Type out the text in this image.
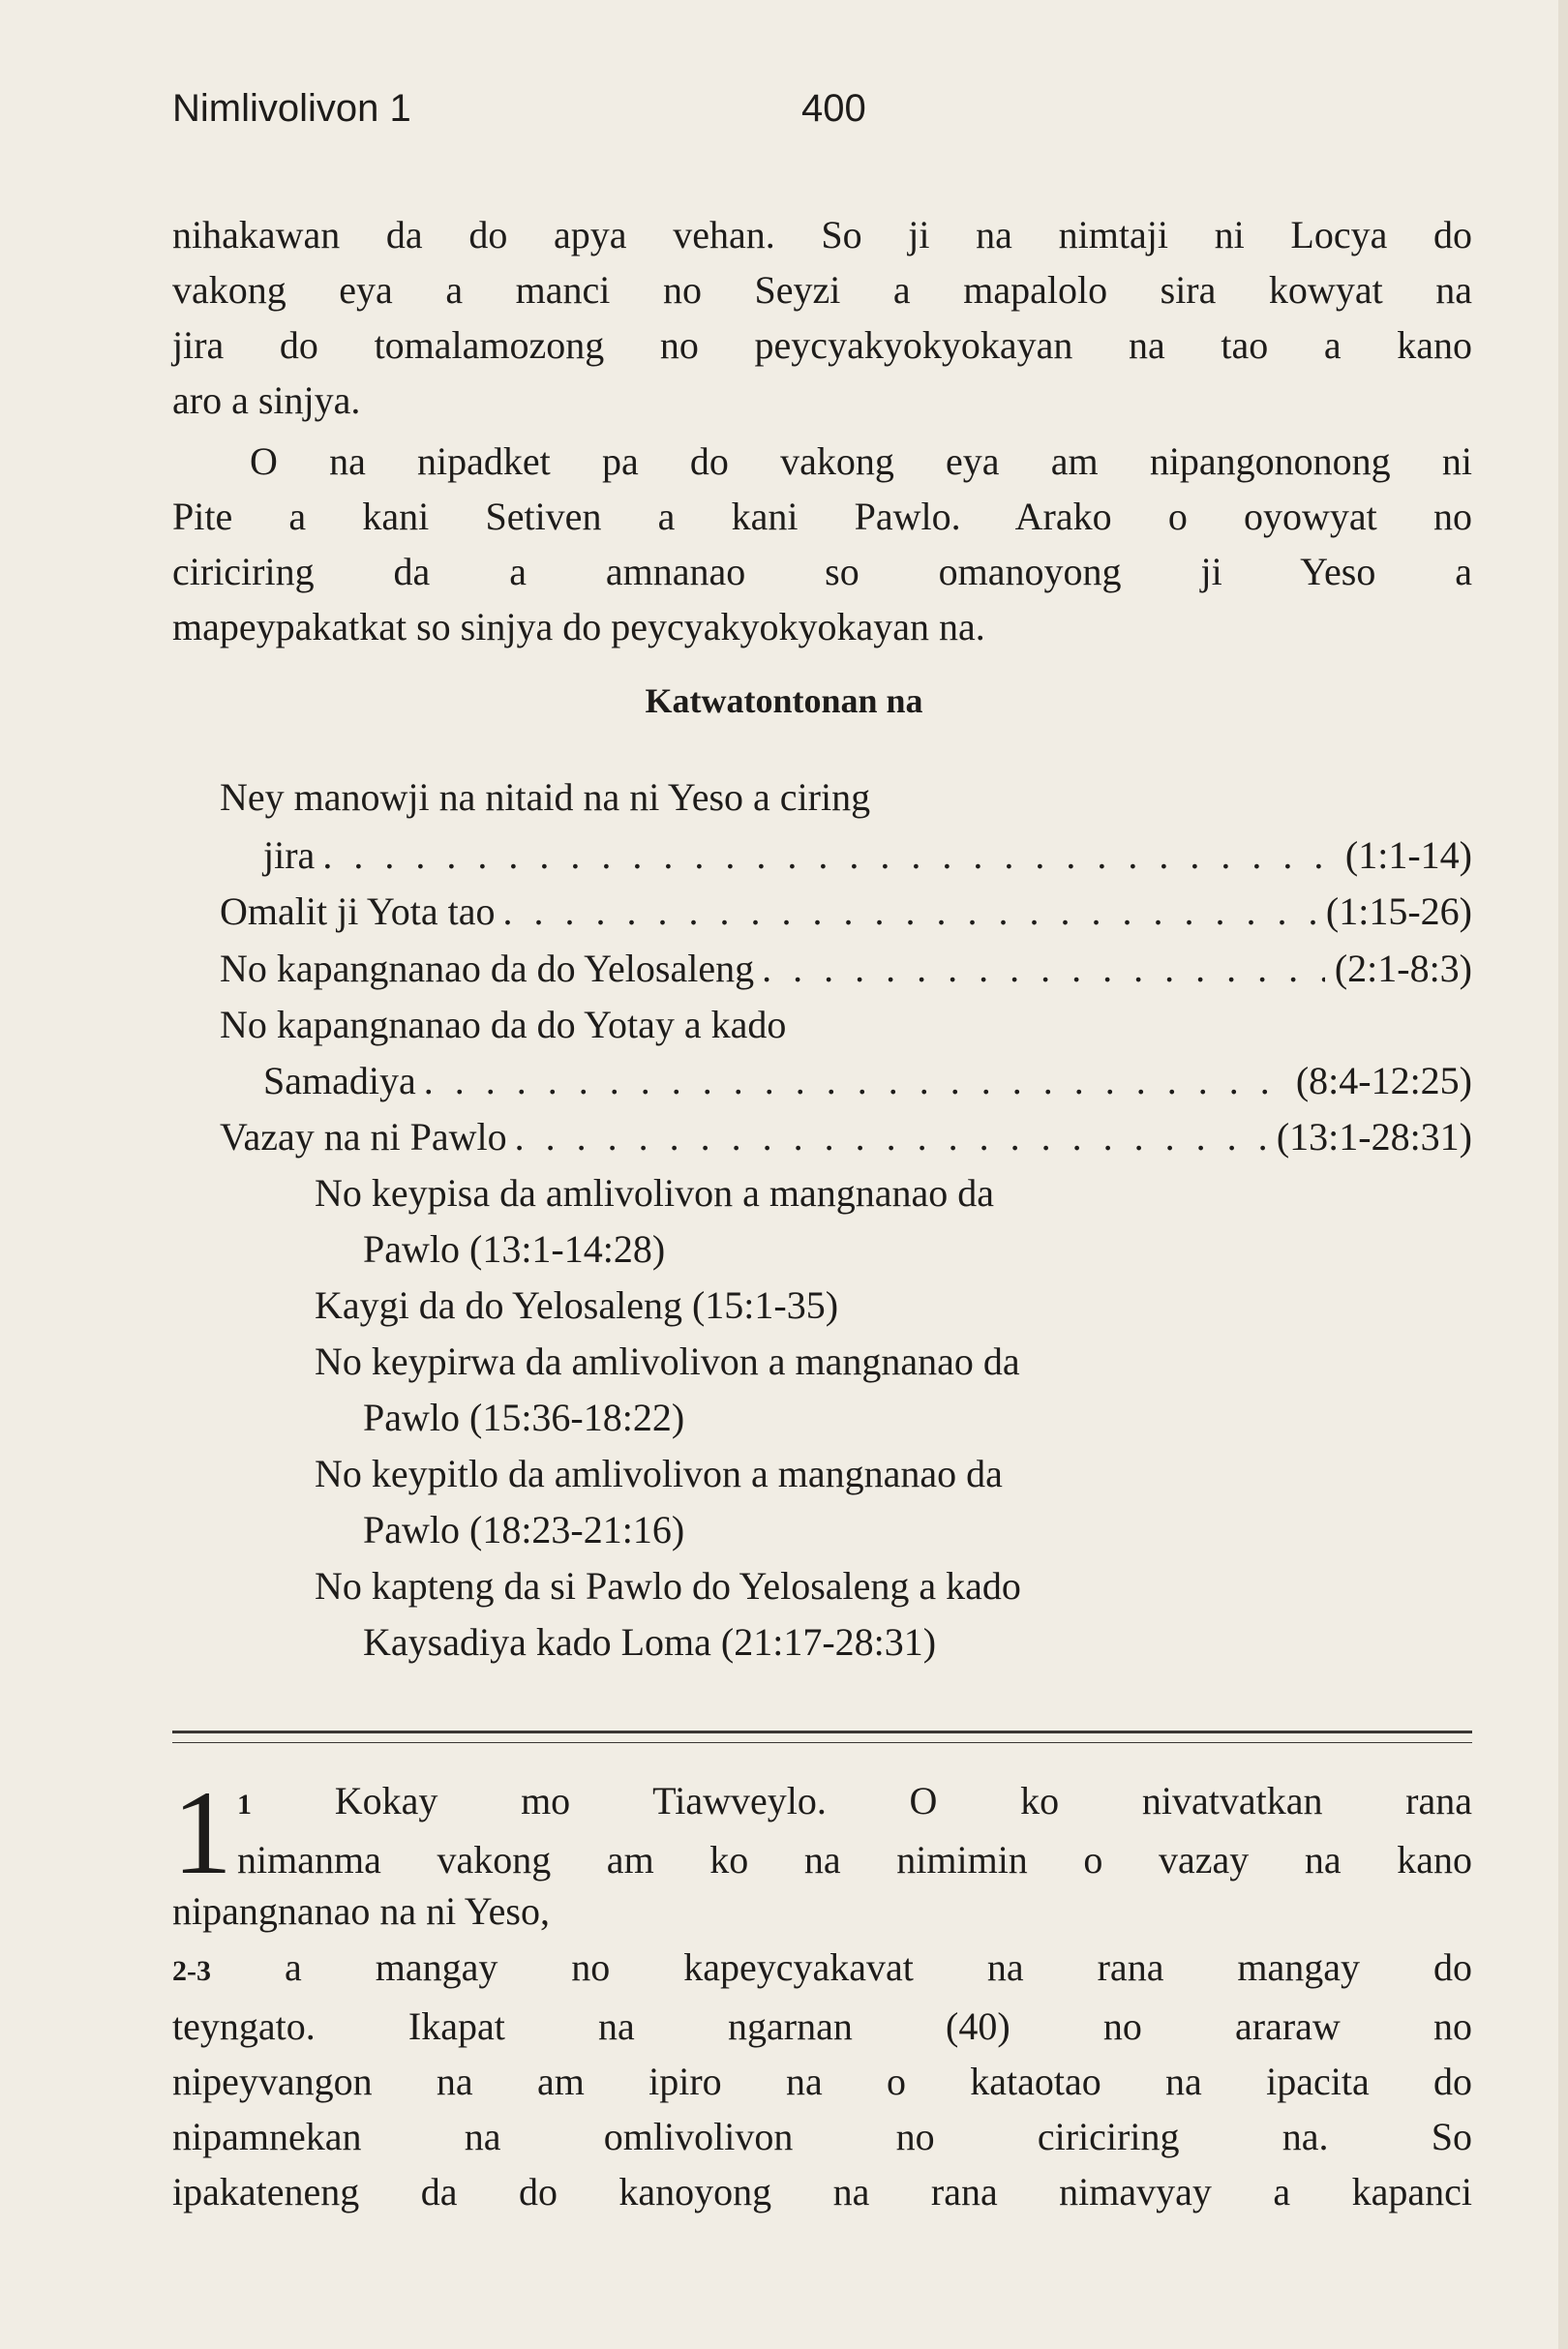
Nimlivolivon 1	400

nihakawan da do apya vehan. So ji na nimtaji ni Locya do

vakong eya a manci no Seyzi a mapalolo sira kowyat na

jira do tomalamozong no peycyakyokyokayan na tao a kano

aro a sinjya.

O na nipadket pa do vakong eya am nipangononong ni

Pite a kani Setiven a kani Pawlo. Arako o oyowyat no

ciriciring da a amnanao so omanoyong ji Yeso a

mapeypakatkat so sinjya do peycyakyokyokayan na.

Katwatontonan na
Ney manowji na nitaid na ni Yeso a ciring
jira . . .	(1:1-14)
Omalit ji Yota tao . . .	(1:15-26)
No kapangnanao da do Yelosaleng . . .	(2:1-8:3)
No kapangnanao da do Yotay a kado
Samadiya . . .	(8:4-12:25)
Vazay na ni Pawlo . . .	(13:1-28:31)
No keypisa da amlivolivon a mangnanao da
Pawlo (13:1-14:28)
Kaygi da do Yelosaleng (15:1-35)
No keypirwa da amlivolivon a mangnanao da
Pawlo (15:36-18:22)
No keypitlo da amlivolivon a mangnanao da
Pawlo (18:23-21:16)
No kapteng da si Pawlo do Yelosaleng a kado
Kaysadiya kado Loma (21:17-28:31)
1 1 Kokay mo Tiawveylo. O ko nivatvatkan rana

nimanma vakong am ko na nimimin o vazay na kano

nipangnanao na ni Yeso,

2-3 a mangay no kapeycyakavat na rana mangay do

teyngato. Ikapat na ngarnan (40) no araraw no

nipeyvangon na am ipiro na o kataotao na ipacita do

nipamnekan na omlivolivon no ciriciring na. So

ipakateneng da do kanoyong na rana nimavyay a kapanci
